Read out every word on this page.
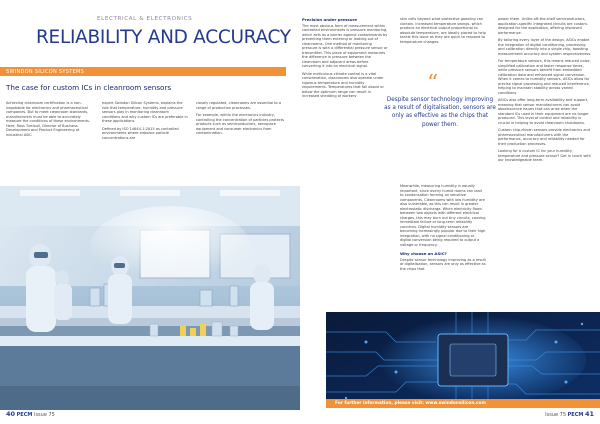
ELECTRICAL & ELECTRONICS
RELIABILITY AND ACCURACY
SWINDON SILICON SYSTEMS
The case for custom ICs in cleanroom sensors

Achieving cleanroom certification is a non-negotiable for electronics and pharmaceutical companies. But to meet cleanroom standards, manufacturers must be able to accurately measure the conditions of these environments. Here, Ross Turnbull, Director of Business Development and Product Engineering at industrial ASIC

expert Swindon Silicon Systems, explains the role that temperature, humidity and pressure sensors play in monitoring cleanroom conditions and why custom ICs are preferable in these applications.

Defined by ISO 14644-1:2015 as controlled environments where airborne particle concentrations are

closely regulated, cleanrooms are essential to a range of production processes.

For example, within the electronics industry, controlling the concentration of particles protects products such as semiconductors, aerospace equipment and consumer electronics from contamination.

Precision under pressure

The most obvious form of measurement within controlled environments is pressure monitoring, which acts as a barrier against contaminants by preventing them entering or leaking out of cleanrooms. One method of monitoring pressure is with a differential pressure sensor or transmitter. This piece of equipment measures the difference in pressure between the cleanroom and adjacent areas before converting it into an electrical signal.

While meticulous climate control is a vital consideration, cleanrooms also operate under rigorous temperature and humidity requirements. Temperatures that fall above or below the optimum range can result in increased shedding of workers'

skin cells beyond what protective gowning can contain. Increased temperature swings, which produce an electrical output proportional to absolute temperature, are ideally placed to help tackle this issue as they are quick to respond to temperature changes.

“
Despite sensor technology improving as a result of digitalisation, sensors are only as effective as the chips that power them.

Meanwhile, measuring humidity is equally important, since overly humid rooms can lead to condensation forming on sensitive components. Cleanrooms with low humidity are also vulnerable, as this can result in greater electrostatic discharge. When electricity flows between two objects with different electrical charges, this may burn out tiny circuits, causing immediate failure or long-term reliability concerns. Digital humidity sensors are becoming increasingly popular due to their high integration, with no signal conditioning or digital conversion being required to output a voltage or frequency.

Why choose an ASIC?

Despite sensor technology improving as a result of digitalisation, sensors are only as effective as the chips that

power them. Unlike off-the-shelf semiconductors, application-specific integrated circuits are custom-designed for the application, offering improved performance.

By tailoring every layer of the design, ASICs enable the integration of digital conditioning, processing and calibration directly into a single chip, boosting measurement accuracy and system responsiveness.

For temperature sensors, this means reduced noise, simplified calibration and faster response times, while pressure sensors benefit from embedded calibration data and enhanced signal conversion. When it comes to humidity sensors, ASICs allow for precise signal processing and reduced interference, helping to maintain stability across varied conditions.

ASICs also offer long-term availability and support, meaning that sensor manufacturers can avoid obsolescence issues that can arise when the standard ICs used in their equipment are no longer produced. This level of control and reliability is crucial in helping to avoid cleanroom shutdowns.

Custom chip-driven sensors provide electronics and pharmaceutical manufacturers with the performance, accuracy and reliability needed for their production processes.

Looking for a custom IC for your humidity, temperature and pressure sensor? Get in touch with our knowledgeable team.

For further information, please visit: www.swindonsilicon.com
40 PECM Issue 75	Issue 75 PECM 41
